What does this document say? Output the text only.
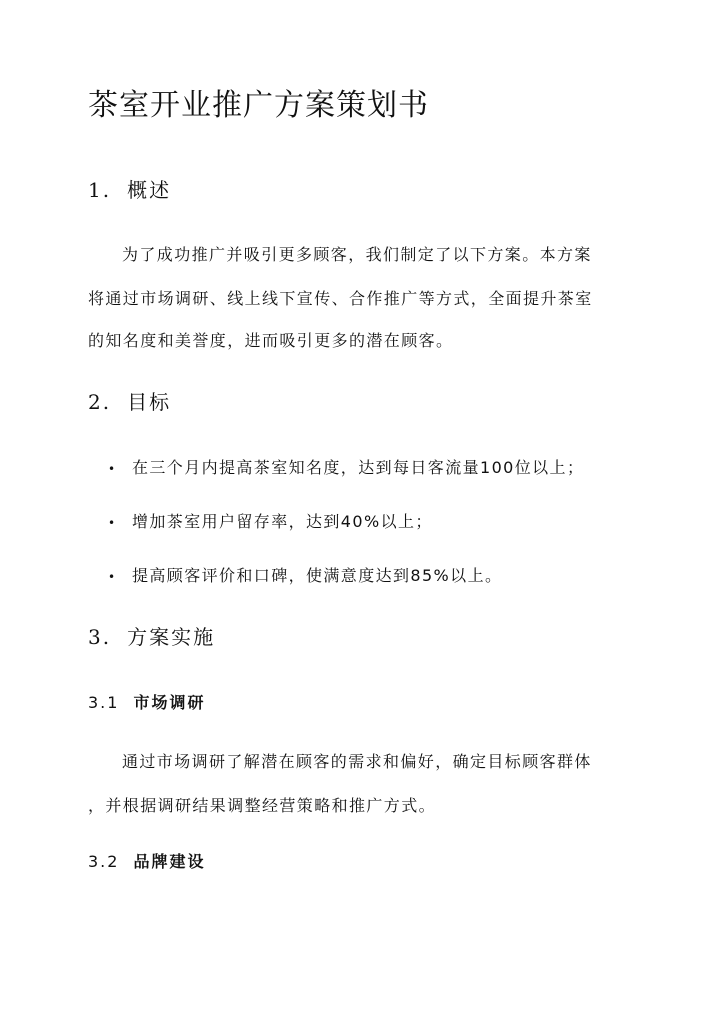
茶室开业推广方案策划书
1. 概述

为了成功推广并吸引更多顾客，我们制定了以下方案。本方案

将通过市场调研、线上线下宣传、合作推广等方式，全面提升茶室

的知名度和美誉度，进而吸引更多的潜在顾客。

2. 目标
• 在三个月内提高茶室知名度，达到每日客流量100位以上；
• 增加茶室用户留存率，达到40%以上；
• 提高顾客评价和口碑，使满意度达到85%以上。
3. 方案实施
3.1 市场调研

通过市场调研了解潜在顾客的需求和偏好，确定目标顾客群体

，并根据调研结果调整经营策略和推广方式。

3.2 品牌建设
